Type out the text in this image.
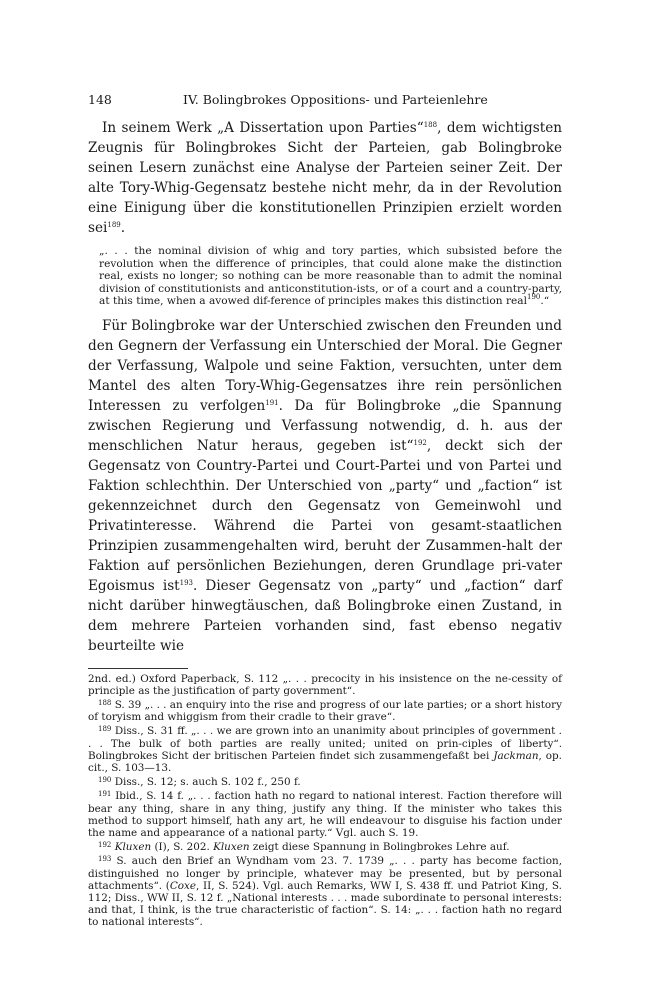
148	IV. Bolingbrokes Oppositions- und Parteienlehre

In seinem Werk „A Dissertation upon Parties“$^{188}$, dem wichtigsten Zeugnis für Bolingbrokes Sicht der Parteien, gab Bolingbroke seinen Lesern zunächst eine Analyse der Parteien seiner Zeit. Der alte Tory-Whig-Gegensatz bestehe nicht mehr, da in der Revolution eine Einigung über die konstitutionellen Prinzipien erzielt worden sei$^{189}$.

„. . . the nominal division of whig and tory parties, which subsisted before the revolution when the difference of principles, that could alone make the distinction real, exists no longer; so nothing can be more reasonable than to admit the nominal division of constitutionists and anticonstitution-ists, or of a court and a country-party, at this time, when a avowed dif-ference of principles makes this distinction real$^{190}$.“

Für Bolingbroke war der Unterschied zwischen den Freunden und den Gegnern der Verfassung ein Unterschied der Moral. Die Gegner der Verfassung, Walpole und seine Faktion, versuchten, unter dem Mantel des alten Tory-Whig-Gegensatzes ihre rein persönlichen Interessen zu verfolgen$^{191}$. Da für Bolingbroke „die Spannung zwischen Regierung und Verfassung notwendig, d. h. aus der menschlichen Natur heraus, gegeben ist“$^{192}$, deckt sich der Gegensatz von Country-Partei und Court-Partei und von Partei und Faktion schlechthin. Der Unterschied von „party“ und „faction“ ist gekennzeichnet durch den Gegensatz von Gemeinwohl und Privatinteresse. Während die Partei von gesamt-staatlichen Prinzipien zusammengehalten wird, beruht der Zusammen-halt der Faktion auf persönlichen Beziehungen, deren Grundlage pri-vater Egoismus ist$^{193}$. Dieser Gegensatz von „party“ und „faction“ darf nicht darüber hinwegtäuschen, daß Bolingbroke einen Zustand, in dem mehrere Parteien vorhanden sind, fast ebenso negativ beurteilte wie

2nd. ed.) Oxford Paperback, S. 112 „. . . precocity in his insistence on the ne-cessity of principle as the justification of party government“.

$^{188}$ S. 39 „. . . an enquiry into the rise and progress of our late parties; or a short history of toryism and whiggism from their cradle to their grave“.

$^{189}$ Diss., S. 31 ff. „. . . we are grown into an unanimity about principles of government . . . The bulk of both parties are really united; united on prin-ciples of liberty“. Bolingbrokes Sicht der britischen Parteien findet sich zusammengefaßt bei Jackman, op. cit., S. 103—13.

$^{190}$ Diss., S. 12; s. auch S. 102 f., 250 f.

$^{191}$ Ibid., S. 14 f. „. . . faction hath no regard to national interest. Faction therefore will bear any thing, share in any thing, justify any thing. If the minister who takes this method to support himself, hath any art, he will endeavour to disguise his faction under the name and appearance of a national party.“ Vgl. auch S. 19.

$^{192}$ Kluxen (I), S. 202. Kluxen zeigt diese Spannung in Bolingbrokes Lehre auf.

$^{193}$ S. auch den Brief an Wyndham vom 23. 7. 1739 „. . . party has become faction, distinguished no longer by principle, whatever may be presented, but by personal attachments“. (Coxe, II, S. 524). Vgl. auch Remarks, WW I, S. 438 ff. und Patriot King, S. 112; Diss., WW II, S. 12 f. „National interests . . . made subordinate to personal interests: and that, I think, is the true characteristic of faction“. S. 14: „. . . faction hath no regard to national interests“.
